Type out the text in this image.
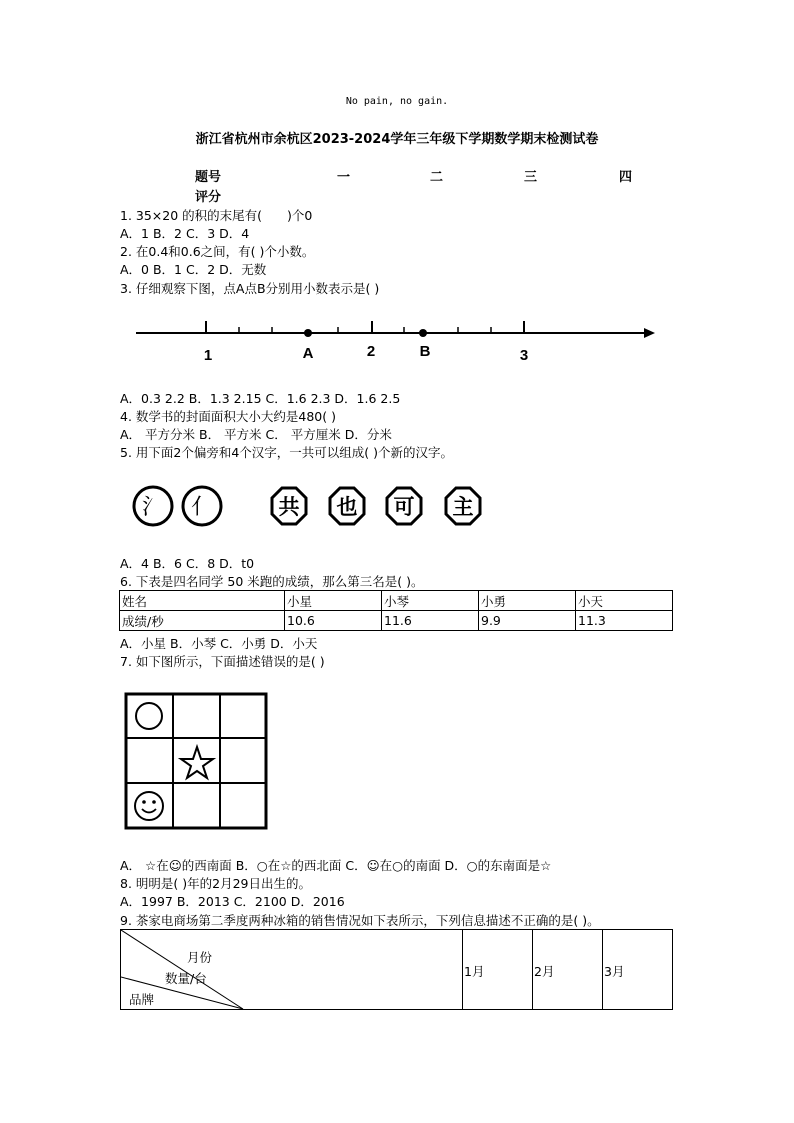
No pain, no gain.
浙江省杭州市余杭区2023-2024学年三年级下学期数学期末检测试卷
题号	一	二	三	四
评分
1. 35×20 的积的末尾有(　　)个0
A．1 B．2 C．3 D．4
2. 在0.4和0.6之间，有( )个小数。
A．0 B．1 C．2 D．无数
3. 仔细观察下图，点A点B分别用小数表示是( )
1	A	2	B	3
A．0.3 2.2 B．1.3 2.15 C．1.6 2.3 D．1.6 2.5
4. 数学书的封面面积大小大约是480( )
A． 平方分米 B． 平方米 C． 平方厘米 D．分米
5. 用下面2个偏旁和4个汉字，一共可以组成( )个新的汉字。
氵 亻	共 也 可 主
A．4 B．6 C．8 D．t0
6. 下表是四名同学 50 米跑的成绩，那么第三名是( )。
姓名	小星	小琴	小勇	小天
成绩/秒	10.6	11.6	9.9	11.3
A．小星 B．小琴 C．小勇 D．小天
7. 如下图所示，下面描述错误的是( )
A． ☆在☺的西南面 B．○在☆的西北面 C．☺在○的南面 D．○的东南面是☆
8. 明明是( )年的2月29日出生的。
A．1997 B．2013 C．2100 D．2016
9. 茶家电商场第二季度两种冰箱的销售情况如下表所示，下列信息描述不正确的是( )。
月份
数量/台
品牌
1月	2月	3月
